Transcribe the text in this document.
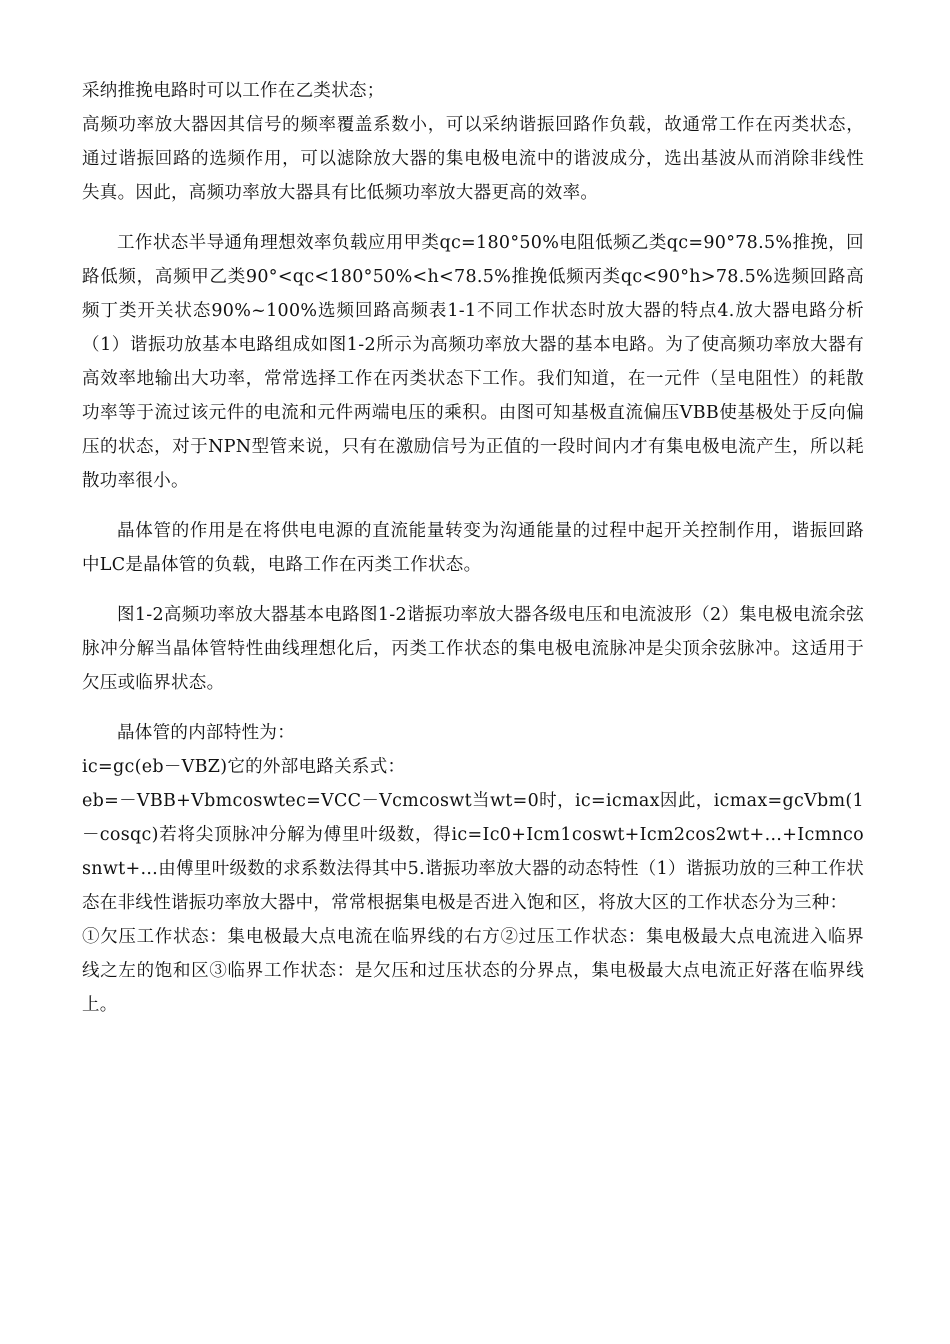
采纳推挽电路时可以工作在乙类状态；

高频功率放大器因其信号的频率覆盖系数小，可以采纳谐振回路作负载，故通常工作在丙类状态，通过谐振回路的选频作用，可以滤除放大器的集电极电流中的谐波成分，选出基波从而消除非线性失真。因此，高频功率放大器具有比低频功率放大器更高的效率。

工作状态半导通角理想效率负载应用甲类qc=180°50%电阻低频乙类qc=90°78.5%推挽，回路低频，高频甲乙类90°<qc<180°50%<h<78.5%推挽低频丙类qc<90°h>78.5%选频回路高频丁类开关状态90%~100%选频回路高频表1-1不同工作状态时放大器的特点4.放大器电路分析（1）谐振功放基本电路组成如图1-2所示为高频功率放大器的基本电路。为了使高频功率放大器有高效率地输出大功率，常常选择工作在丙类状态下工作。我们知道，在一元件（呈电阻性）的耗散功率等于流过该元件的电流和元件两端电压的乘积。由图可知基极直流偏压VBB使基极处于反向偏压的状态，对于NPN型管来说，只有在激励信号为正值的一段时间内才有集电极电流产生，所以耗散功率很小。

晶体管的作用是在将供电电源的直流能量转变为沟通能量的过程中起开关控制作用，谐振回路中LC是晶体管的负载，电路工作在丙类工作状态。

图1-2高频功率放大器基本电路图1-2谐振功率放大器各级电压和电流波形（2）集电极电流余弦脉冲分解当晶体管特性曲线理想化后，丙类工作状态的集电极电流脉冲是尖顶余弦脉冲。这适用于欠压或临界状态。

晶体管的内部特性为：

ic=gc(eb－VBZ)它的外部电路关系式：

eb=－VBB+Vbmcoswtec=VCC－Vcmcoswt当wt=0时，ic=icmax因此，icmax=gcVbm(1－cosqc)若将尖顶脉冲分解为傅里叶级数，得ic=Ic0+Icm1coswt+Icm2cos2wt+…+Icmncosnwt+…由傅里叶级数的求系数法得其中5.谐振功率放大器的动态特性（1）谐振功放的三种工作状态在非线性谐振功率放大器中，常常根据集电极是否进入饱和区，将放大区的工作状态分为三种：

①欠压工作状态：集电极最大点电流在临界线的右方②过压工作状态：集电极最大点电流进入临界线之左的饱和区③临界工作状态：是欠压和过压状态的分界点，集电极最大点电流正好落在临界线上。
